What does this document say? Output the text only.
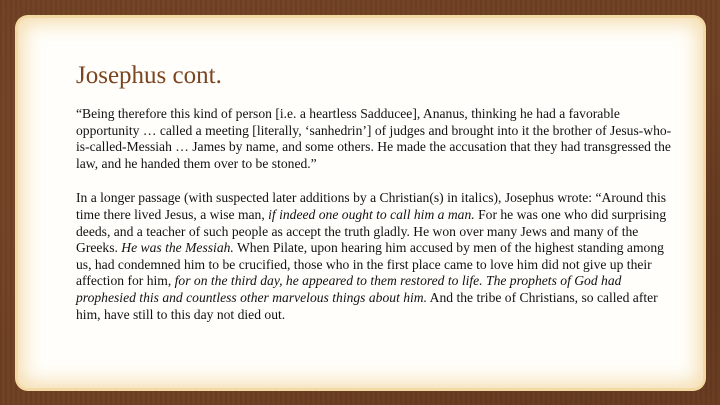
Josephus cont.

“Being therefore this kind of person [i.e. a heartless Sadducee], Ananus, thinking he had a favorable opportunity … called a meeting [literally, ‘sanhedrin’] of judges and brought into it the brother of Jesus-who-is-called-Messiah … James by name, and some others. He made the accusation that they had transgressed the law, and he handed them over to be stoned.”

In a longer passage (with suspected later additions by a Christian(s) in italics), Josephus wrote: “Around this time there lived Jesus, a wise man, if indeed one ought to call him a man. For he was one who did surprising deeds, and a teacher of such people as accept the truth gladly. He won over many Jews and many of the Greeks. He was the Messiah. When Pilate, upon hearing him accused by men of the highest standing among us, had condemned him to be crucified, those who in the first place came to love him did not give up their affection for him, for on the third day, he appeared to them restored to life. The prophets of God had prophesied this and countless other marvelous things about him. And the tribe of Christians, so called after him, have still to this day not died out.
